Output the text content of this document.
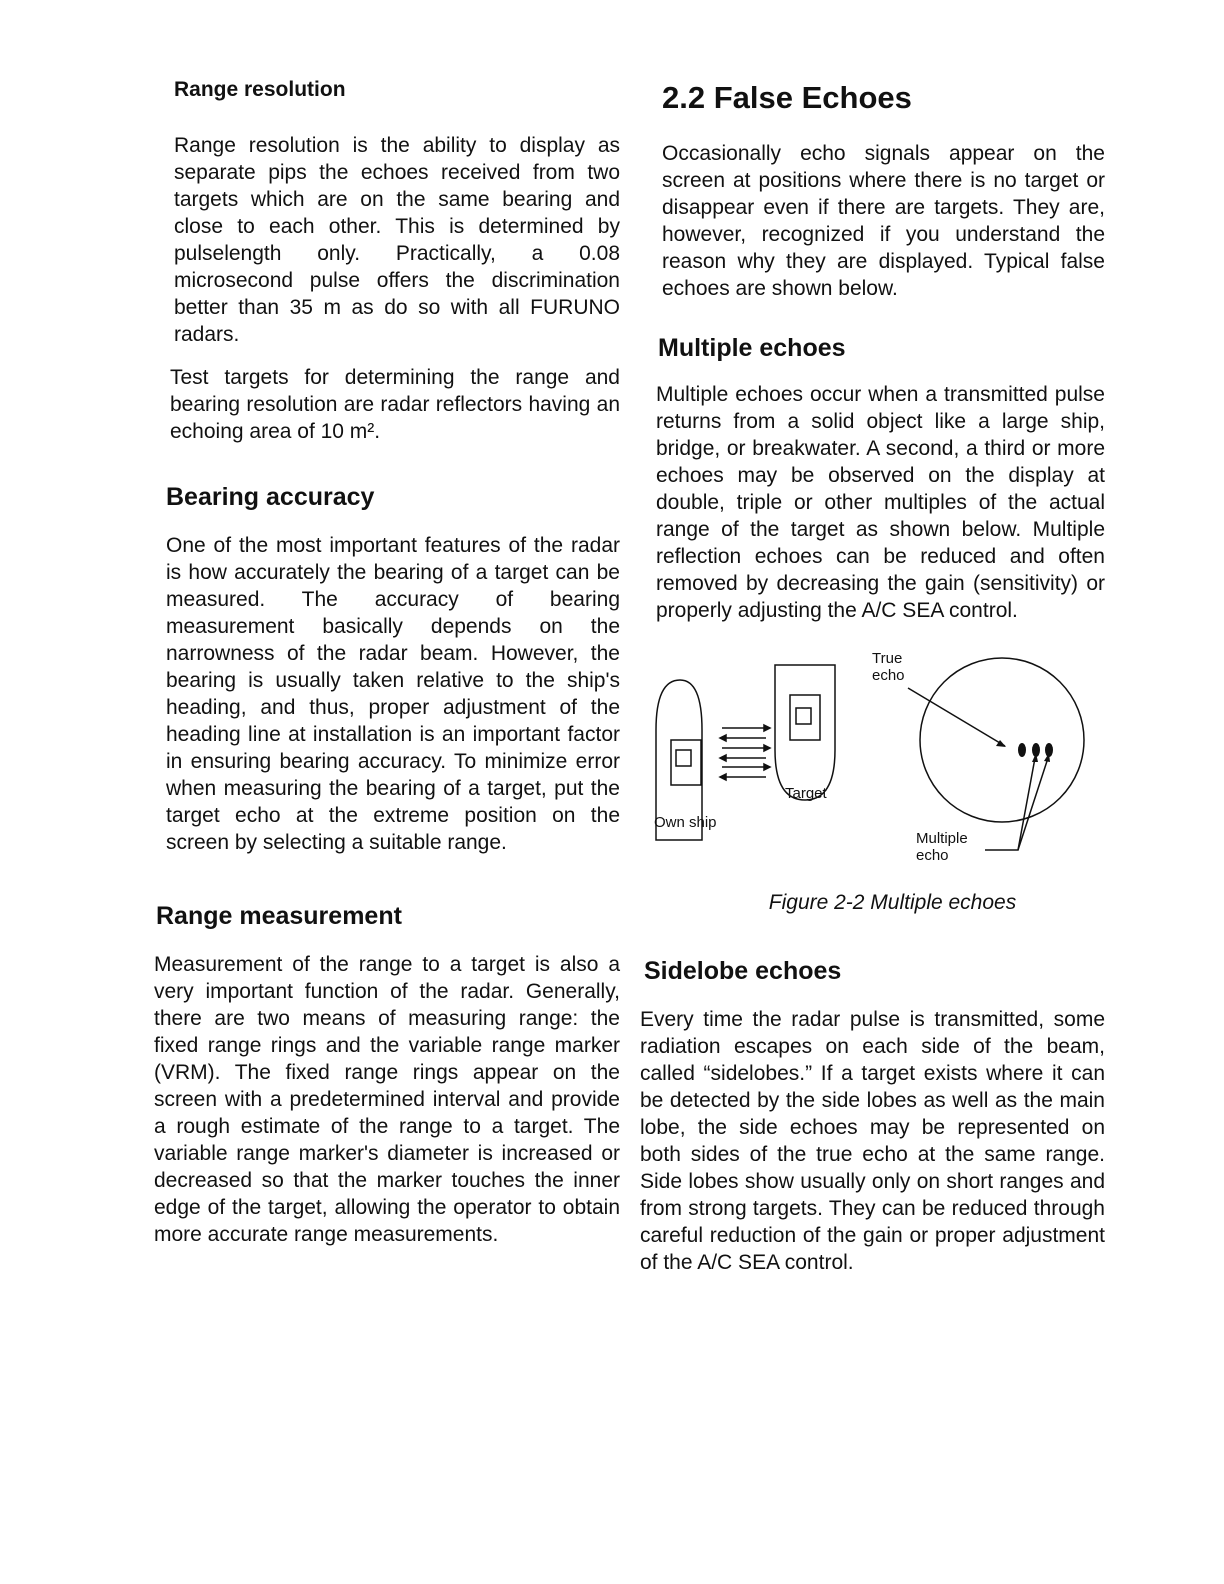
Range resolution

Range resolution is the ability to display as separate pips the echoes received from two targets which are on the same bearing and close to each other. This is determined by pulselength only. Practically, a 0.08 microsecond pulse offers the discrimination better than 35 m as do so with all FURUNO radars.

Test targets for determining the range and bearing resolution are radar reflectors having an echoing area of 10 m².

Bearing accuracy

One of the most important features of the radar is how accurately the bearing of a target can be measured. The accuracy of bearing measurement basically depends on the narrowness of the radar beam. However, the bearing is usually taken relative to the ship's heading, and thus, proper adjustment of the heading line at installation is an important factor in ensuring bearing accuracy. To minimize error when measuring the bearing of a target, put the target echo at the extreme position on the screen by selecting a suitable range.

Range measurement

Measurement of the range to a target is also a very important function of the radar. Generally, there are two means of measuring range: the fixed range rings and the variable range marker (VRM). The fixed range rings appear on the screen with a predetermined interval and provide a rough estimate of the range to a target. The variable range marker's diameter is increased or decreased so that the marker touches the inner edge of the target, allowing the operator to obtain more accurate range measurements.

2.2 False Echoes

Occasionally echo signals appear on the screen at positions where there is no target or disappear even if there are targets. They are, however, recognized if you understand the reason why they are displayed. Typical false echoes are shown below.

Multiple echoes

Multiple echoes occur when a transmitted pulse returns from a solid object like a large ship, bridge, or breakwater. A second, a third or more echoes may be observed on the display at double, triple or other multiples of the actual range of the target as shown below. Multiple reflection echoes can be reduced and often removed by decreasing the gain (sensitivity) or properly adjusting the A/C SEA control.

Own ship
Target
True
echo
Multiple
echo
Figure 2-2 Multiple echoes
Sidelobe echoes

Every time the radar pulse is transmitted, some radiation escapes on each side of the beam, called “sidelobes.” If a target exists where it can be detected by the side lobes as well as the main lobe, the side echoes may be represented on both sides of the true echo at the same range. Side lobes show usually only on short ranges and from strong targets. They can be reduced through careful reduction of the gain or proper adjustment of the A/C SEA control.
